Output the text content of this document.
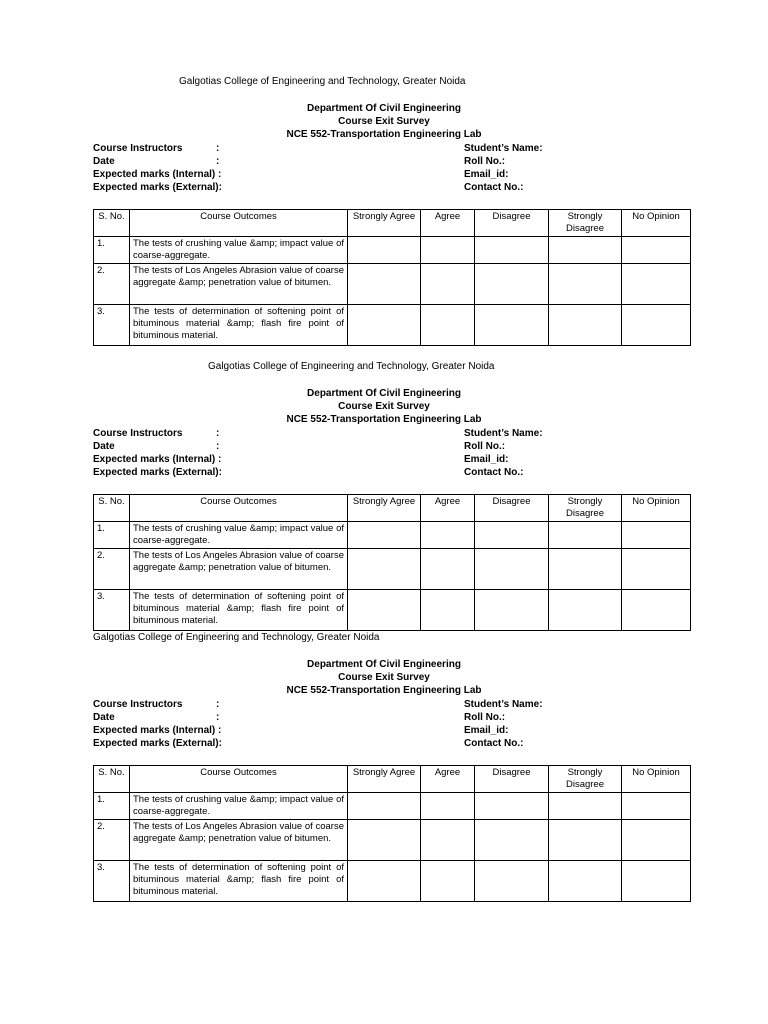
Galgotias College of Engineering and Technology, Greater Noida
Department Of Civil Engineering
Course Exit Survey
NCE 552-Transportation Engineering Lab
Course Instructors	:
Date	:
Expected marks (Internal) :
Expected marks (External):
Student’s Name:
Roll No.:
Email_id:
Contact No.:
S. No.	Course Outcomes	Strongly Agree	Agree	Disagree	Strongly Disagree	No Opinion
1.	The tests of crushing value &amp; impact value of coarse-aggregate.					
2.	The tests of Los Angeles Abrasion value of coarse aggregate &amp; penetration value of bitumen.					
3.	The tests of determination of softening point of bituminous material &amp; flash fire point of bituminous material.					
Galgotias College of Engineering and Technology, Greater Noida
Department Of Civil Engineering
Course Exit Survey
NCE 552-Transportation Engineering Lab
Course Instructors	:
Date	:
Expected marks (Internal) :
Expected marks (External):
Student’s Name:
Roll No.:
Email_id:
Contact No.:
S. No.	Course Outcomes	Strongly Agree	Agree	Disagree	Strongly Disagree	No Opinion
1.	The tests of crushing value &amp; impact value of coarse-aggregate.					
2.	The tests of Los Angeles Abrasion value of coarse aggregate &amp; penetration value of bitumen.					
3.	The tests of determination of softening point of bituminous material &amp; flash fire point of bituminous material.					
Galgotias College of Engineering and Technology, Greater Noida
Department Of Civil Engineering
Course Exit Survey
NCE 552-Transportation Engineering Lab
Course Instructors	:
Date	:
Expected marks (Internal) :
Expected marks (External):
Student’s Name:
Roll No.:
Email_id:
Contact No.:
S. No.	Course Outcomes	Strongly Agree	Agree	Disagree	Strongly Disagree	No Opinion
1.	The tests of crushing value &amp; impact value of coarse-aggregate.					
2.	The tests of Los Angeles Abrasion value of coarse aggregate &amp; penetration value of bitumen.					
3.	The tests of determination of softening point of bituminous material &amp; flash fire point of bituminous material.					
